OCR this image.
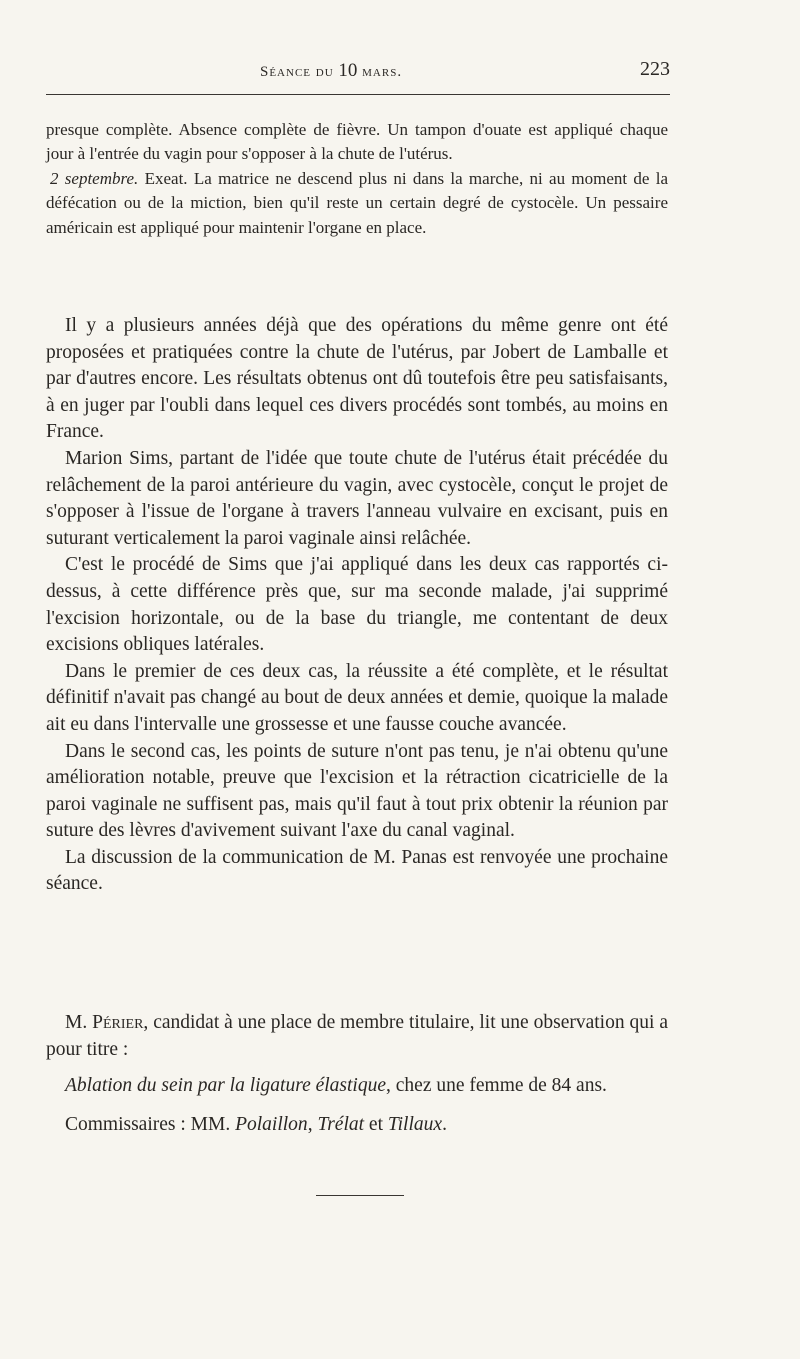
Séance du 10 mars.	223

presque complète. Absence complète de fièvre. Un tampon d'ouate est appliqué chaque jour à l'entrée du vagin pour s'opposer à la chute de l'utérus.

2 septembre. Exeat. La matrice ne descend plus ni dans la marche, ni au moment de la défécation ou de la miction, bien qu'il reste un certain degré de cystocèle. Un pessaire américain est appliqué pour maintenir l'organe en place.

Il y a plusieurs années déjà que des opérations du même genre ont été proposées et pratiquées contre la chute de l'utérus, par Jobert de Lamballe et par d'autres encore. Les résultats obtenus ont dû toutefois être peu satisfaisants, à en juger par l'oubli dans lequel ces divers procédés sont tombés, au moins en France.

Marion Sims, partant de l'idée que toute chute de l'utérus était précédée du relâchement de la paroi antérieure du vagin, avec cystocèle, conçut le projet de s'opposer à l'issue de l'organe à travers l'anneau vulvaire en excisant, puis en suturant verticalement la paroi vaginale ainsi relâchée.

C'est le procédé de Sims que j'ai appliqué dans les deux cas rapportés ci-dessus, à cette différence près que, sur ma seconde malade, j'ai supprimé l'excision horizontale, ou de la base du triangle, me contentant de deux excisions obliques latérales.

Dans le premier de ces deux cas, la réussite a été complète, et le résultat définitif n'avait pas changé au bout de deux années et demie, quoique la malade ait eu dans l'intervalle une grossesse et une fausse couche avancée.

Dans le second cas, les points de suture n'ont pas tenu, je n'ai obtenu qu'une amélioration notable, preuve que l'excision et la rétraction cicatricielle de la paroi vaginale ne suffisent pas, mais qu'il faut à tout prix obtenir la réunion par suture des lèvres d'avivement suivant l'axe du canal vaginal.

La discussion de la communication de M. Panas est renvoyée une prochaine séance.

M. Périer, candidat à une place de membre titulaire, lit une observation qui a pour titre :

Ablation du sein par la ligature élastique, chez une femme de 84 ans.

Commissaires : MM. Polaillon, Trélat et Tillaux.
